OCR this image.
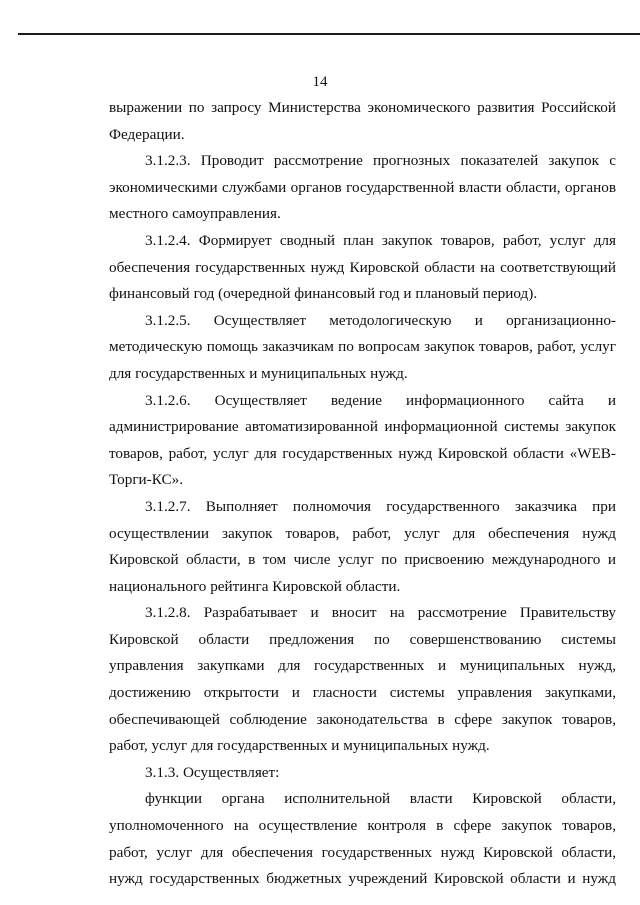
14
выражении по запросу Министерства экономического развития Российской
Федерации.
3.1.2.3. Проводит рассмотрение прогнозных показателей закупок с
экономическими службами органов государственной власти области, органов
местного самоуправления.
3.1.2.4. Формирует сводный план закупок товаров, работ, услуг для
обеспечения государственных нужд Кировской области на соответствующий
финансовый год (очередной финансовый год и плановый период).
3.1.2.5. Осуществляет методологическую и организационно-
методическую помощь заказчикам по вопросам закупок товаров, работ, услуг
для государственных и муниципальных нужд.
3.1.2.6. Осуществляет ведение информационного сайта и
администрирование автоматизированной информационной системы закупок
товаров, работ, услуг для государственных нужд Кировской области «WEB-
Торги-КС».
3.1.2.7. Выполняет полномочия государственного заказчика при
осуществлении закупок товаров, работ, услуг для обеспечения нужд
Кировской области, в том числе услуг по присвоению международного и
национального рейтинга Кировской области.
3.1.2.8. Разрабатывает и вносит на рассмотрение Правительству
Кировской области предложения по совершенствованию системы
управления закупками для государственных и муниципальных нужд,
достижению открытости и гласности системы управления закупками,
обеспечивающей соблюдение законодательства в сфере закупок товаров,
работ, услуг для государственных и муниципальных нужд.
3.1.3. Осуществляет:
функции органа исполнительной власти Кировской области,
уполномоченного на осуществление контроля в сфере закупок товаров,
работ, услуг для обеспечения государственных нужд Кировской области,
нужд государственных бюджетных учреждений Кировской области и нужд
